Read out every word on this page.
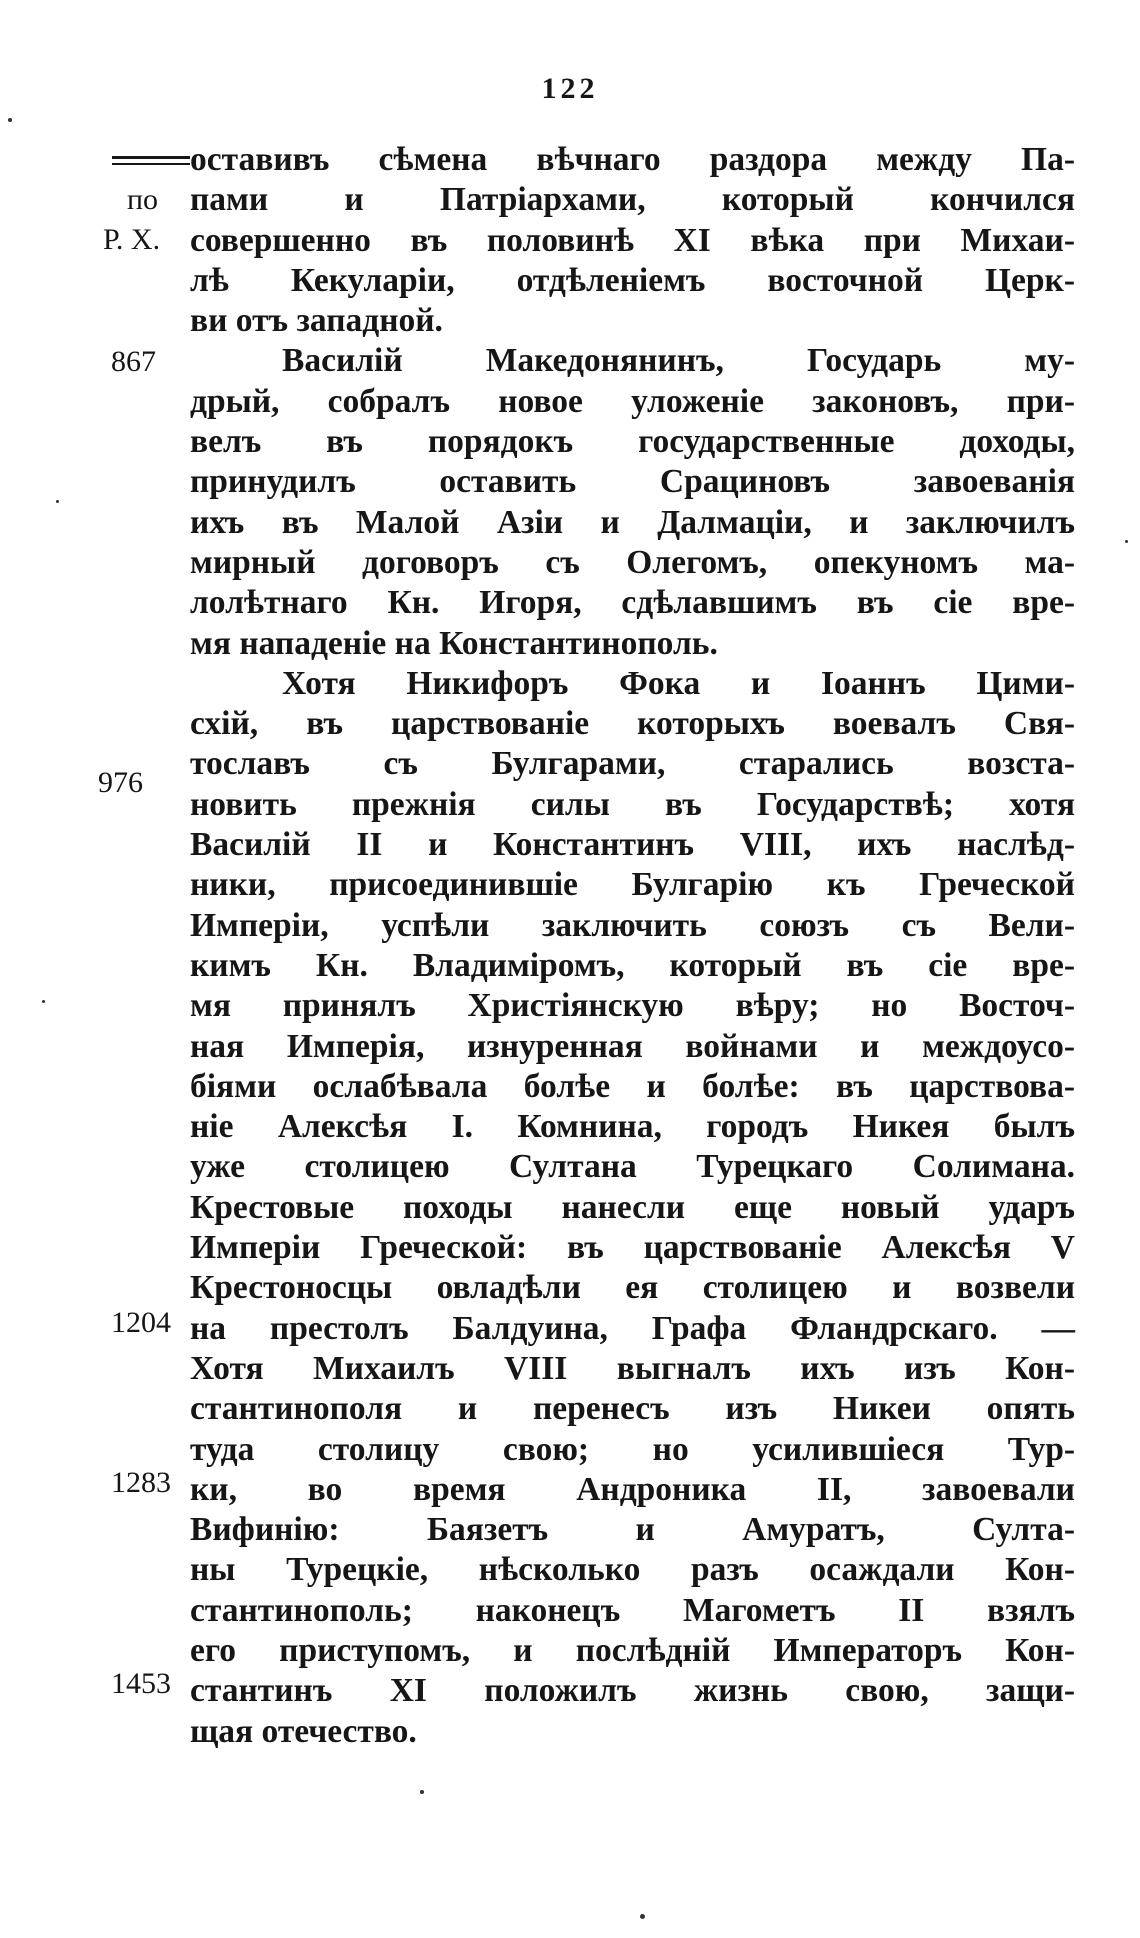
122
по
Р. Х.
867
976
1204
1283
1453
оставивъ сѣмена вѣчнаго раздора между Па-
пами и Патріархами, который кончился
совершенно въ половинѣ XI вѣка при Михаи-
лѣ Кекуларіи, отдѣленіемъ восточной Церк-
ви отъ западной.
Василій Македонянинъ, Государь му-
дрый, собралъ новое уложеніе законовъ, при-
велъ въ порядокъ государственные доходы,
принудилъ оставить Срациновъ завоеванія
ихъ въ Малой Азіи и Далмаціи, и заключилъ
мирный договоръ съ Олегомъ, опекуномъ ма-
лолѣтнаго Кн. Игоря, сдѣлавшимъ въ сіе вре-
мя нападеніе на Константинополь.
Хотя Никифоръ Фока и Іоаннъ Цими-
схій, въ царствованіе которыхъ воевалъ Свя-
тославъ съ Булгарами, старались возста-
новить прежнія силы въ Государствѣ; хотя
Василій II и Константинъ VIII, ихъ наслѣд-
ники, присоединившіе Булгарію къ Греческой
Имперіи, успѣли заключить союзъ съ Вели-
кимъ Кн. Владиміромъ, который въ сіе вре-
мя принялъ Христіянскую вѣру; но Восточ-
ная Имперія, изнуренная войнами и междоусо-
біями ослабѣвала болѣе и болѣе: въ царствова-
ніе Алексѣя I. Комнина, городъ Никея былъ
уже столицею Султана Турецкаго Солимана.
Крестовые походы нанесли еще новый ударъ
Имперіи Греческой: въ царствованіе Алексѣя V
Крестоносцы овладѣли ея столицею и возвели
на престолъ Балдуина, Графа Фландрскаго. —
Хотя Михаилъ VIII выгналъ ихъ изъ Кон-
стантинополя и перенесъ изъ Никеи опять
туда столицу свою; но усилившіеся Тур-
ки, во время Андроника II, завоевали
Вифинію: Баязетъ и Амуратъ, Султа-
ны Турецкіе, нѣсколько разъ осаждали Кон-
стантинополь; наконецъ Магометъ II взялъ
его приступомъ, и послѣдній Императоръ Кон-
стантинъ XI положилъ жизнь свою, защи-
щая отечество.
